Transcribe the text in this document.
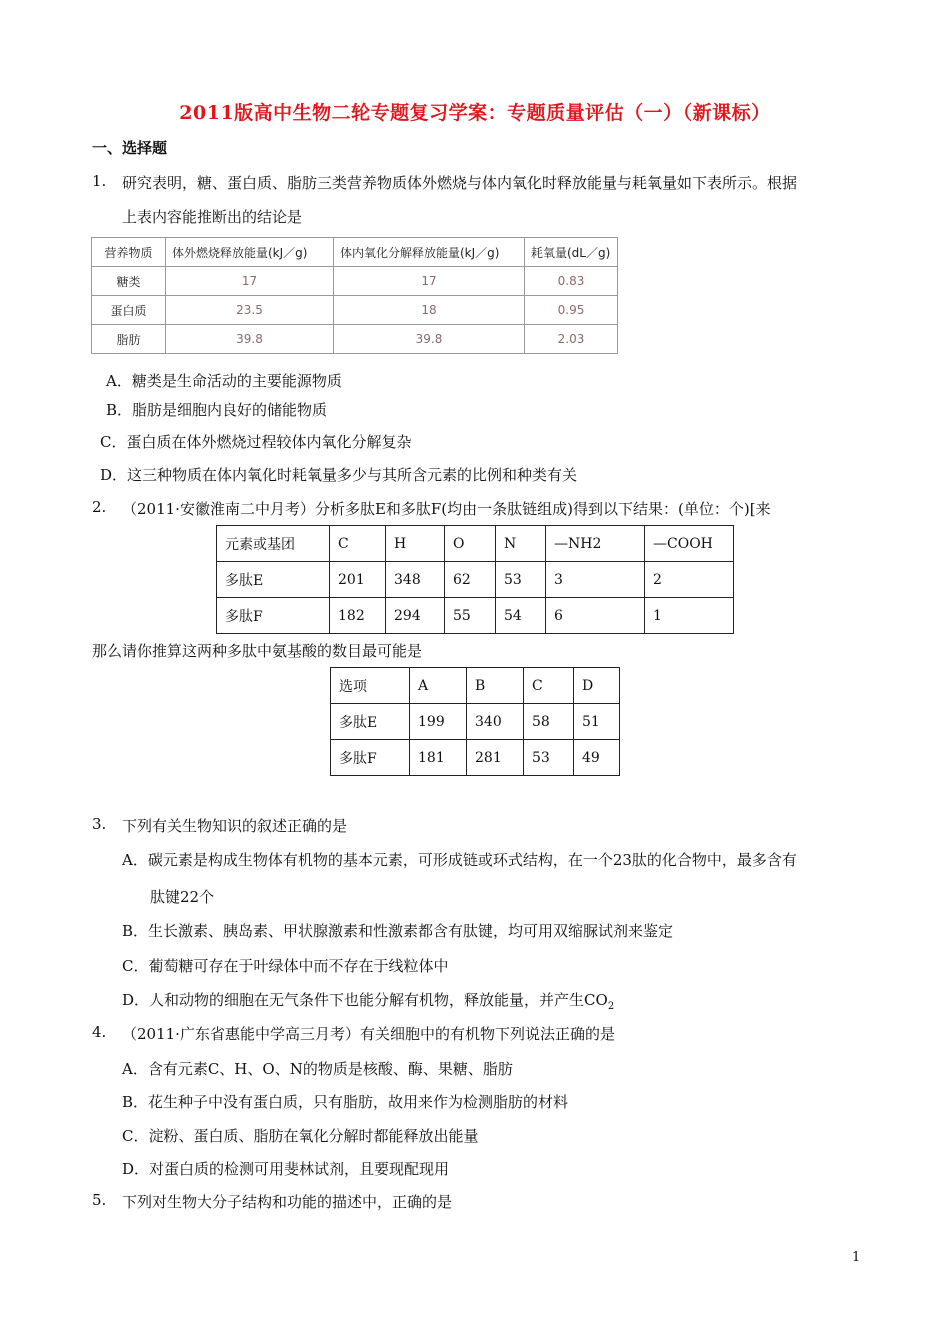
2011版高中生物二轮专题复习学案：专题质量评估（一）（新课标）
一、选择题
1. 研究表明，糖、蛋白质、脂肪三类营养物质体外燃烧与体内氧化时释放能量与耗氧量如下表所示。根据
上表内容能推断出的结论是
营养物质	体外燃烧释放能量(kJ／g)	体内氧化分解释放能量(kJ／g)	耗氧量(dL／g)
糖类	17	17	0.83
蛋白质	23.5	18	0.95
脂肪	39.8	39.8	2.03
A．糖类是生命活动的主要能源物质
B．脂肪是细胞内良好的储能物质
C．蛋白质在体外燃烧过程较体内氧化分解复杂
D．这三种物质在体内氧化时耗氧量多少与其所含元素的比例和种类有关
2. （2011·安徽淮南二中月考）分析多肽E和多肽F(均由一条肽链组成)得到以下结果：(单位：个)[来
元素或基团	C	H	O	N	—NH2	—COOH
多肽E	201	348	62	53	3	2
多肽F	182	294	55	54	6	1
那么请你推算这两种多肽中氨基酸的数目最可能是
选项	A	B	C	D
多肽E	199	340	58	51
多肽F	181	281	53	49
3. 下列有关生物知识的叙述正确的是
A．碳元素是构成生物体有机物的基本元素，可形成链或环式结构，在一个23肽的化合物中，最多含有
肽键22个
B．生长激素、胰岛素、甲状腺激素和性激素都含有肽键，均可用双缩脲试剂来鉴定
C．葡萄糖可存在于叶绿体中而不存在于线粒体中
D．人和动物的细胞在无气条件下也能分解有机物，释放能量，并产生$CO_2$
4. （2011·广东省惠能中学高三月考）有关细胞中的有机物下列说法正确的是
A．含有元素C、H、O、N的物质是核酸、酶、果糖、脂肪
B．花生种子中没有蛋白质，只有脂肪，故用来作为检测脂肪的材料
C．淀粉、蛋白质、脂肪在氧化分解时都能释放出能量
D．对蛋白质的检测可用斐林试剂，且要现配现用
5. 下列对生物大分子结构和功能的描述中，正确的是
1
